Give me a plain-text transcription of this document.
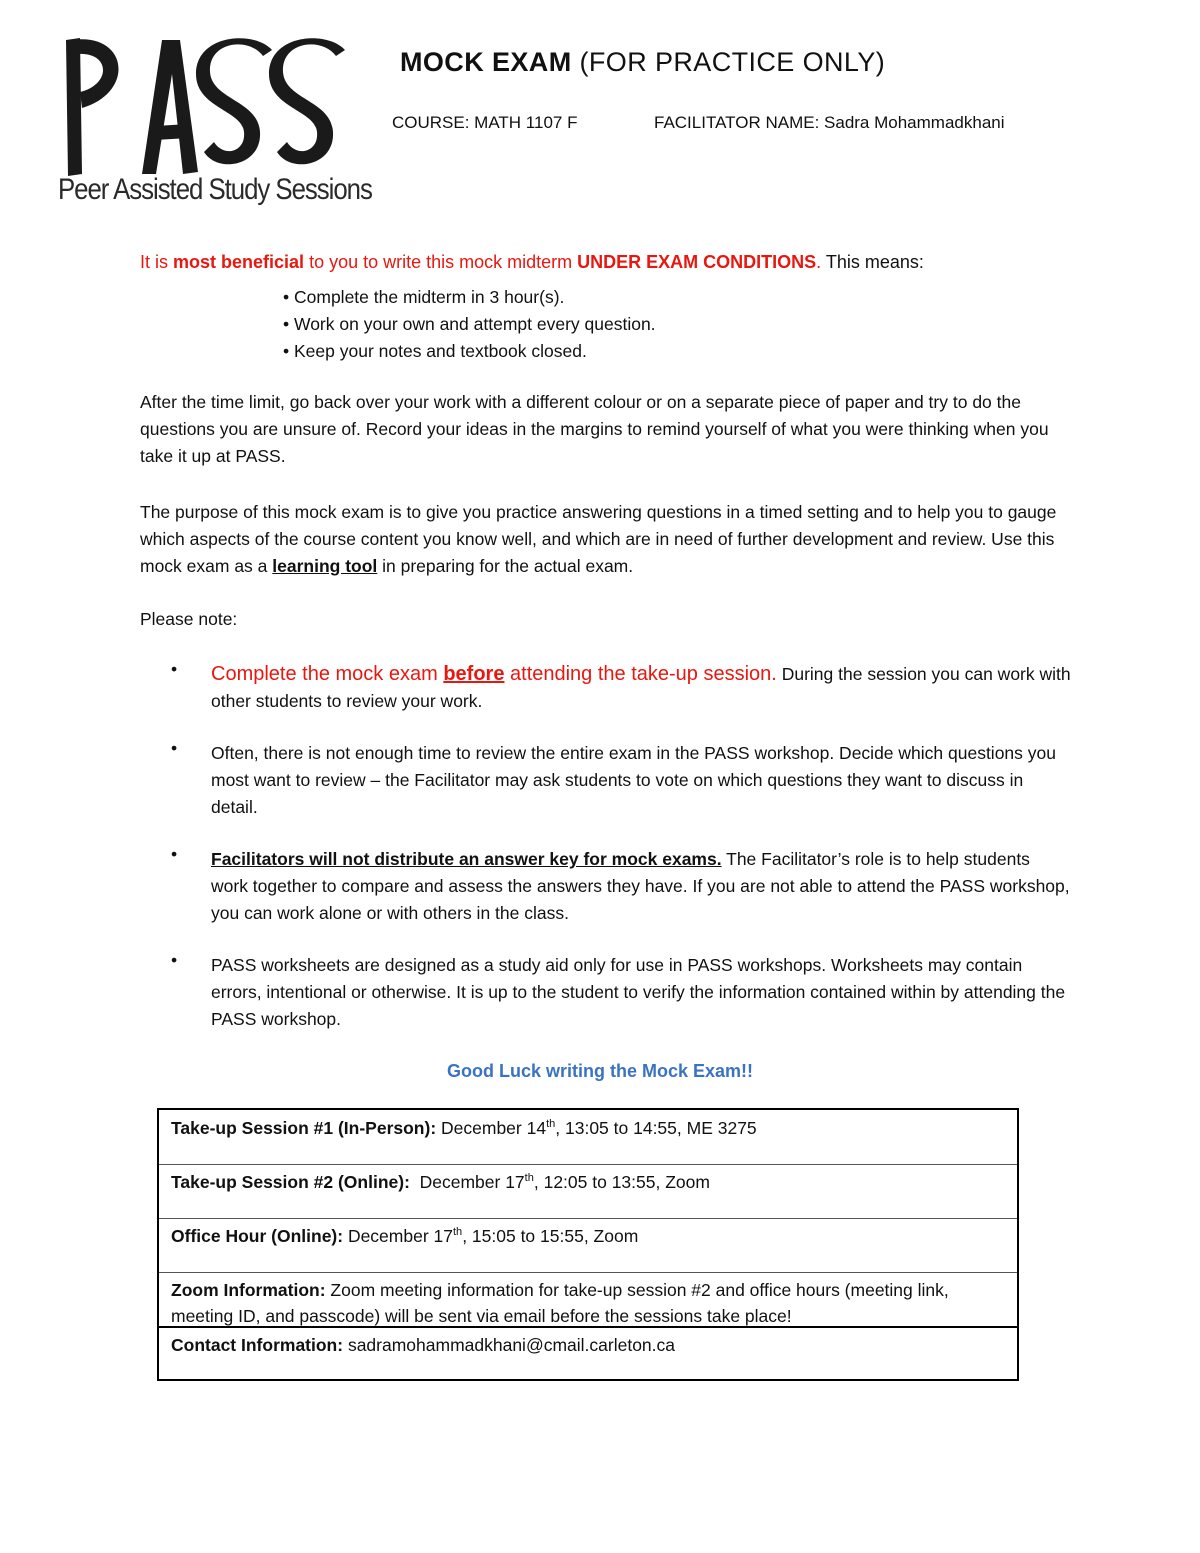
Peer Assisted Study Sessions
MOCK EXAM (FOR PRACTICE ONLY)
COURSE: MATH 1107 F	FACILITATOR NAME: Sadra Mohammadkhani
It is most beneficial to you to write this mock midterm UNDER EXAM CONDITIONS. This means:
• Complete the midterm in 3 hour(s).
• Work on your own and attempt every question.
• Keep your notes and textbook closed.
After the time limit, go back over your work with a different colour or on a separate piece of paper and try to do the questions you are unsure of. Record your ideas in the margins to remind yourself of what you were thinking when you take it up at PASS.
The purpose of this mock exam is to give you practice answering questions in a timed setting and to help you to gauge which aspects of the course content you know well, and which are in need of further development and review. Use this mock exam as a learning tool in preparing for the actual exam.
Please note:
• Complete the mock exam before attending the take-up session. During the session you can work with other students to review your work.
• Often, there is not enough time to review the entire exam in the PASS workshop. Decide which questions you most want to review – the Facilitator may ask students to vote on which questions they want to discuss in detail.
• Facilitators will not distribute an answer key for mock exams. The Facilitator’s role is to help students work together to compare and assess the answers they have. If you are not able to attend the PASS workshop, you can work alone or with others in the class.
• PASS worksheets are designed as a study aid only for use in PASS workshops. Worksheets may contain errors, intentional or otherwise. It is up to the student to verify the information contained within by attending the PASS workshop.
Good Luck writing the Mock Exam!!
Take-up Session #1 (In-Person): December 14th, 13:05 to 14:55, ME 3275
Take-up Session #2 (Online):  December 17th, 12:05 to 13:55, Zoom
Office Hour (Online): December 17th, 15:05 to 15:55, Zoom
Zoom Information: Zoom meeting information for take-up session #2 and office hours (meeting link, meeting ID, and passcode) will be sent via email before the sessions take place!
Contact Information: sadramohammadkhani@cmail.carleton.ca
